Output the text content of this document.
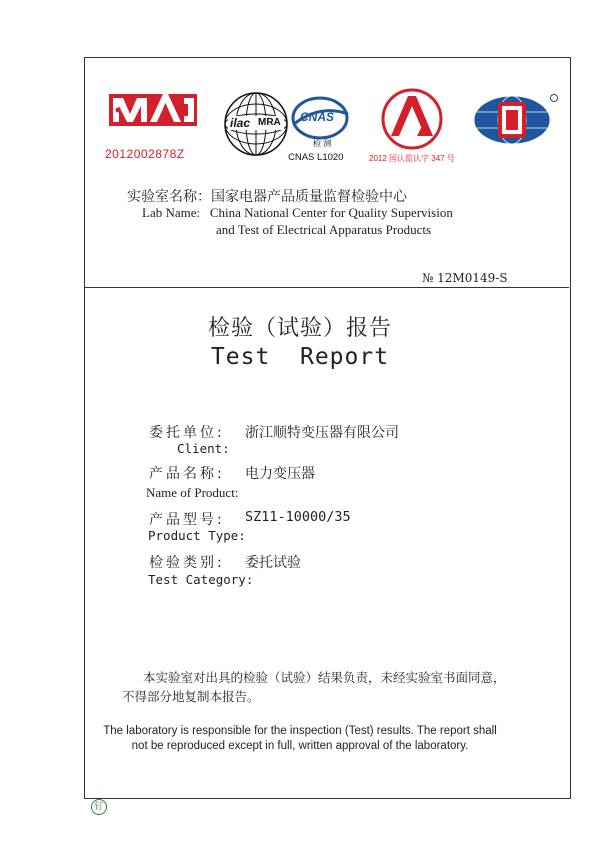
2012002878Z
ilac MRA CNAS
检 测
CNAS L1020	2012 国认监认字 347 号
实验室名称：国家电器产品质量监督检验中心
Lab Name:   China National Center for Quality Supervision
and Test of Electrical Apparatus Products
№ 12M0149-S
检验（试验）报告
Test  Report
委托单位: 浙江顺特变压器有限公司
Client:
产品名称: 电力变压器
Name of Product:
产品型号: SZ11-10000/35
Product Type:
检验类别: 委托试验
Test Category:
本实验室对出具的检验（试验）结果负责，未经实验室书面同意，
不得部分地复制本报告。
The laboratory is responsible for the inspection (Test) results. The report shall
not be reproduced except in full, written approval of the laboratory.
钉
